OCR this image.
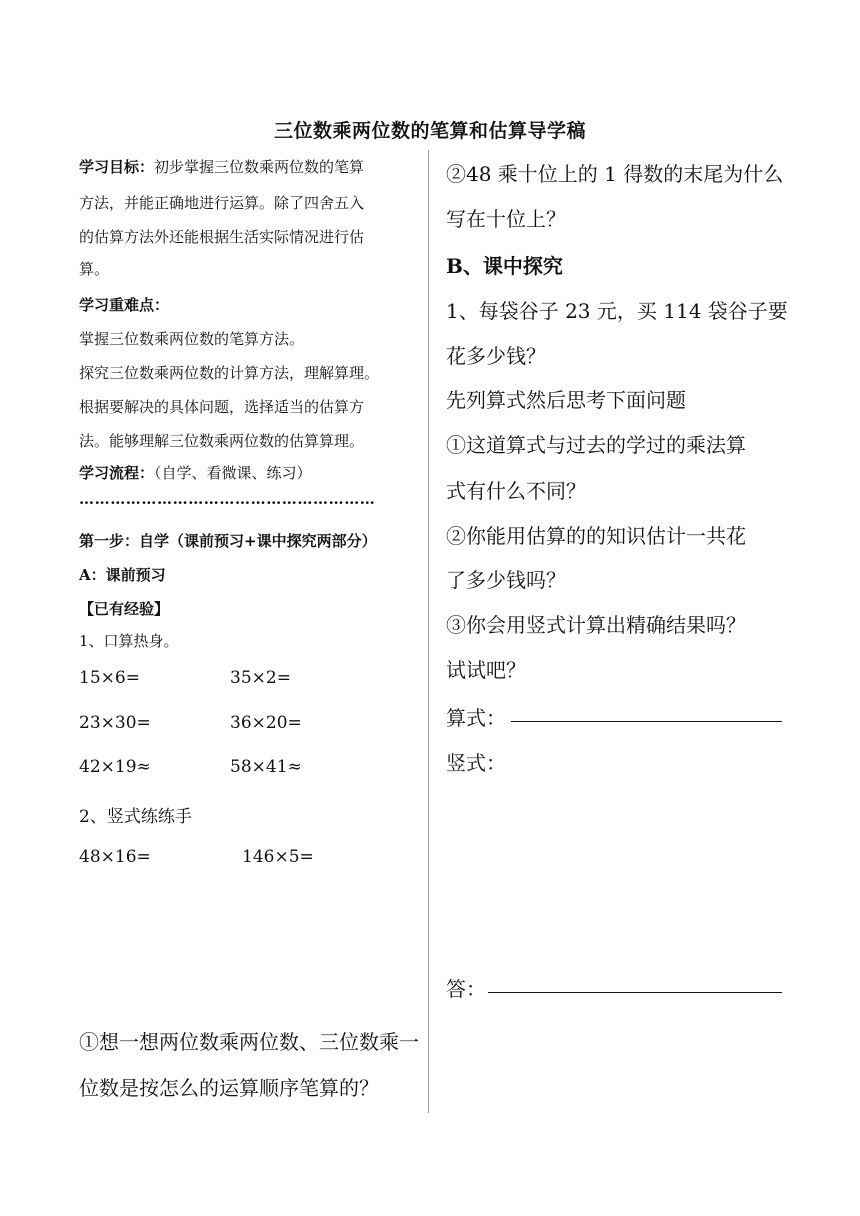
三位数乘两位数的笔算和估算导学稿
学习目标：初步掌握三位数乘两位数的笔算
方法，并能正确地进行运算。除了四舍五入
的估算方法外还能根据生活实际情况进行估
算。
学习重难点：
掌握三位数乘两位数的笔算方法。
探究三位数乘两位数的计算方法，理解算理。
根据要解决的具体问题，选择适当的估算方
法。能够理解三位数乘两位数的估算算理。
学习流程：（自学、看微课、练习）
…………………………………………………
第一步：自学（课前预习+课中探究两部分）
A：课前预习
【已有经验】
1、口算热身。
15×6=	35×2=
23×30=	36×20=
42×19≈	58×41≈
2、竖式练练手
48×16=	146×5=
①想一想两位数乘两位数、三位数乘一
位数是按怎么的运算顺序笔算的？
②48 乘十位上的 1 得数的末尾为什么
写在十位上？
B、课中探究
1、每袋谷子 23 元，买 114 袋谷子要
花多少钱？
先列算式然后思考下面问题
①这道算式与过去的学过的乘法算
式有什么不同？
②你能用估算的的知识估计一共花
了多少钱吗？
③你会用竖式计算出精确结果吗？
试试吧？
算式：
竖式：
答：
